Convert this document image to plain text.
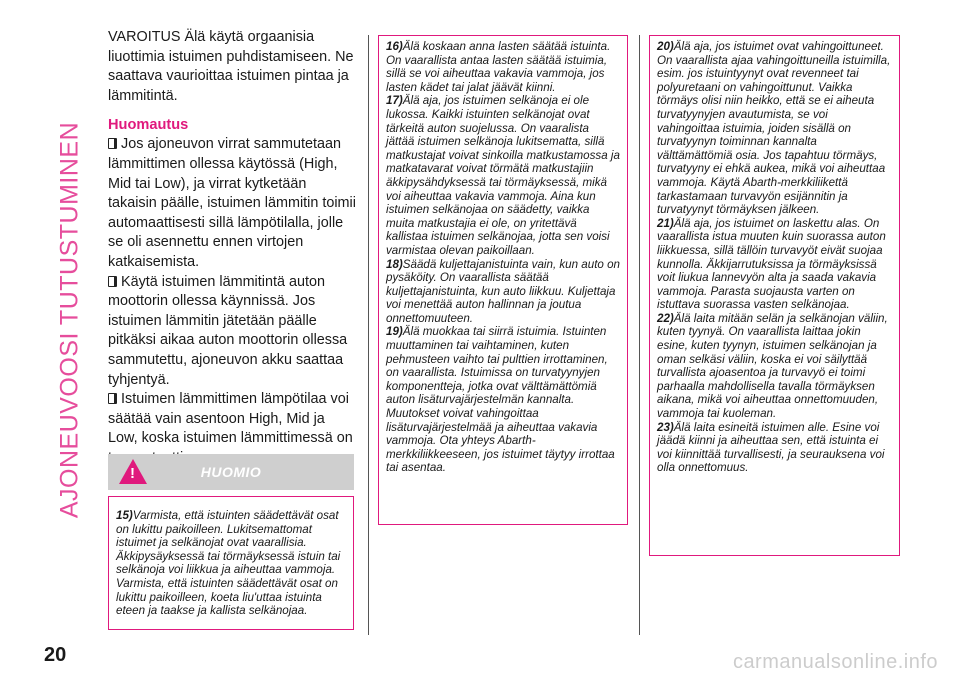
AJONEUVOOSI TUTUSTUMINEN

VAROITUS Älä käytä orgaanisia liuottimia istuimen puhdistamiseen. Ne saattava vaurioittaa istuimen pintaa ja lämmitintä.

Huomautus

Jos ajoneuvon virrat sammutetaan lämmittimen ollessa käytössä (High, Mid tai Low), ja virrat kytketään takaisin päälle, istuimen lämmitin toimii automaattisesti sillä lämpötilalla, jolle se oli asennettu ennen virtojen katkaisemista.

Käytä istuimen lämmitintä auton moottorin ollessa käynnissä. Jos istuimen lämmitin jätetään päälle pitkäksi aikaa auton moottorin ollessa sammutettu, ajoneuvon akku saattaa tyhjentyä.

Istuimen lämmittimen lämpötilaa voi säätää vain asentoon High, Mid ja Low, koska istuimen lämmittimessä on

!
HUOMIO

15)Varmista, että istuinten säädettävät osat on lukittu paikoilleen. Lukitsemattomat istuimet ja selkänojat ovat vaarallisia. Äkkipysäyksessä tai törmäyksessä istuin tai selkänoja voi liikkua ja aiheuttaa vammoja. Varmista, että istuinten säädettävät osat on lukittu paikoilleen, koeta liu'uttaa istuinta eteen ja taakse ja kallista selkänojaa.

16)Älä koskaan anna lasten säätää istuinta. On vaarallista antaa lasten säätää istuimia, sillä se voi aiheuttaa vakavia vammoja, jos lasten kädet tai jalat jäävät kiinni.

17)Älä aja, jos istuimen selkänoja ei ole lukossa. Kaikki istuinten selkänojat ovat tärkeitä auton suojelussa. On vaaralista jättää istuimen selkänoja lukitsematta, sillä matkustajat voivat sinkoilla matkustamossa ja matkatavarat voivat törmätä matkustajiin äkkipysähdyksessä tai törmäyksessä, mikä voi aiheuttaa vakavia vammoja. Aina kun istuimen selkänojaa on säädetty, vaikka muita matkustajia ei ole, on yritettävä kallistaa istuimen selkänojaa, jotta sen voisi varmistaa olevan paikoillaan.

18)Säädä kuljettajanistuinta vain, kun auto on pysäköity. On vaarallista säätää kuljettajanistuinta, kun auto liikkuu. Kuljettaja voi menettää auton hallinnan ja joutua onnettomuuteen.

19)Älä muokkaa tai siirrä istuimia. Istuinten muuttaminen tai vaihtaminen, kuten pehmusteen vaihto tai pulttien irrottaminen, on vaarallista. Istuimissa on turvatyynyjen komponentteja, jotka ovat välttämättömiä auton lisäturvajärjestelmän kannalta. Muutokset voivat vahingoittaa lisäturvajärjestelmää ja aiheuttaa vakavia vammoja. Ota yhteys Abarth-merkkiliikkeeseen, jos istuimet täytyy irrottaa tai asentaa.

20)Älä aja, jos istuimet ovat vahingoittuneet. On vaarallista ajaa vahingoittuneilla istuimilla, esim. jos istuintyynyt ovat revenneet tai polyuretaani on vahingoittunut. Vaikka törmäys olisi niin heikko, että se ei aiheuta turvatyynyjen avautumista, se voi vahingoittaa istuimia, joiden sisällä on turvatyynyn toiminnan kannalta välttämättömiä osia. Jos tapahtuu törmäys, turvatyyny ei ehkä aukea, mikä voi aiheuttaa vammoja. Käytä Abarth-merkkiliikettä tarkastamaan turvavyön esijännitin ja turvatyynyt törmäyksen jälkeen.

21)Älä aja, jos istuimet on laskettu alas. On vaarallista istua muuten kuin suorassa auton liikkuessa, sillä tällöin turvavyöt eivät suojaa kunnolla. Äkkijarrutuksissa ja törmäyksissä voit liukua lannevyön alta ja saada vakavia vammoja. Parasta suojausta varten on istuttava suorassa vasten selkänojaa.

22)Älä laita mitään selän ja selkänojan väliin, kuten tyynyä. On vaarallista laittaa jokin esine, kuten tyynyn, istuimen selkänojan ja oman selkäsi väliin, koska ei voi säilyttää turvallista ajoasentoa ja turvavyö ei toimi parhaalla mahdollisella tavalla törmäyksen aikana, mikä voi aiheuttaa onnettomuuden, vammoja tai kuoleman.

23)Älä laita esineitä istuimen alle. Esine voi jäädä kiinni ja aiheuttaa sen, että istuinta ei voi kiinnittää turvallisesti, ja seurauksena voi olla onnettomuus.

20	carmanualsonline.info
